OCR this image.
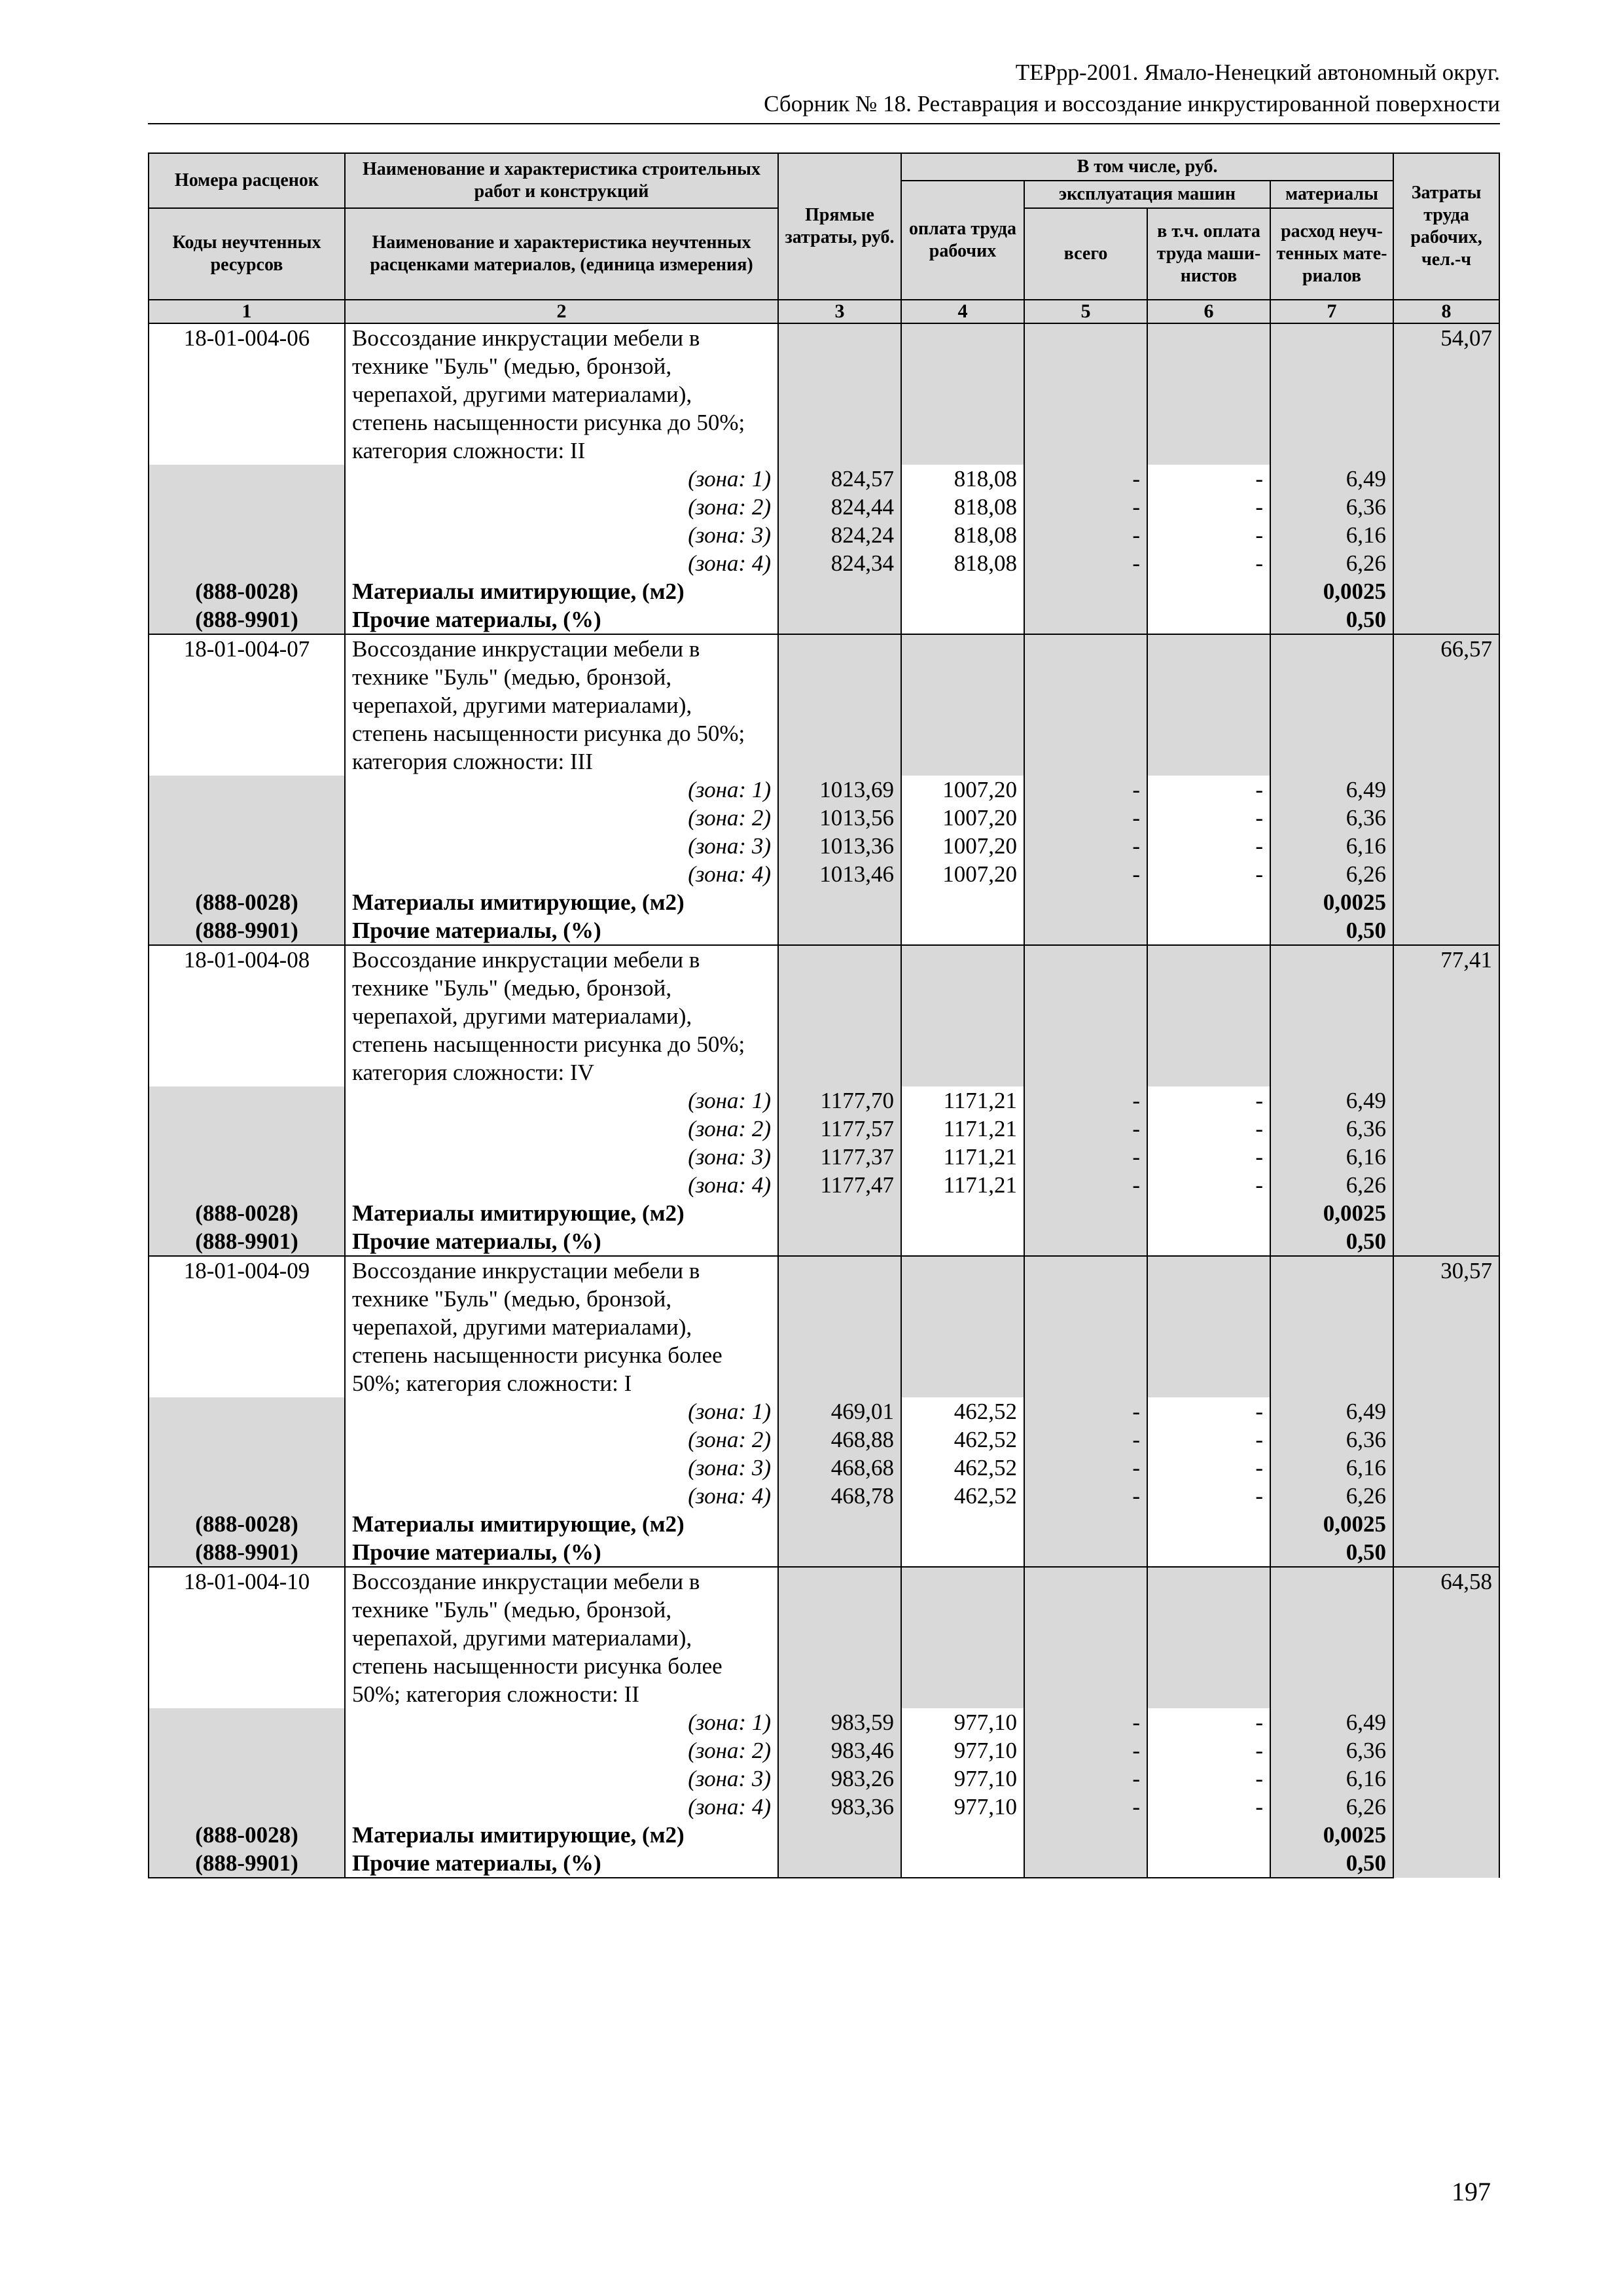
ТЕРрр-2001. Ямало-Ненецкий автономный округ.
Сборник № 18. Реставрация и воссоздание инкрустированной поверхности
Номера расценок	Наименование и характеристика строительных работ и конструкций	Прямые затраты, руб.	В том числе, руб.				Затраты труда рабочих, чел.-ч
			оплата труда рабочих	эксплуатация машин		материалы	
Коды неучтенных ресурсов	Наименование и характеристика неучтенных расценками материалов, (единица измерения)			всего	в т.ч. оплата труда маши-нистов	расход неуч-тенных мате-риалов	

1	2	3	4	5	6	7	8
18-01-004-06	Воссоздание инкрустации мебели в технике "Буль" (медью, бронзой, черепахой, другими материалами), степень насыщенности рисунка до 50%; категория сложности: II						54,07
	(зона: 1)	824,57	818,08	-	-	6,49	
	(зона: 2)	824,44	818,08	-	-	6,36	
	(зона: 3)	824,24	818,08	-	-	6,16	
	(зона: 4)	824,34	818,08	-	-	6,26	
(888-0028)	Материалы имитирующие, (м2)					0,0025	
(888-9901)	Прочие материалы, (%)					0,50	
18-01-004-07	Воссоздание инкрустации мебели в технике "Буль" (медью, бронзой, черепахой, другими материалами), степень насыщенности рисунка до 50%; категория сложности: III						66,57
	(зона: 1)	1013,69	1007,20	-	-	6,49	
	(зона: 2)	1013,56	1007,20	-	-	6,36	
	(зона: 3)	1013,36	1007,20	-	-	6,16	
	(зона: 4)	1013,46	1007,20	-	-	6,26	
(888-0028)	Материалы имитирующие, (м2)					0,0025	
(888-9901)	Прочие материалы, (%)					0,50	
18-01-004-08	Воссоздание инкрустации мебели в технике "Буль" (медью, бронзой, черепахой, другими материалами), степень насыщенности рисунка до 50%; категория сложности: IV						77,41
	(зона: 1)	1177,70	1171,21	-	-	6,49	
	(зона: 2)	1177,57	1171,21	-	-	6,36	
	(зона: 3)	1177,37	1171,21	-	-	6,16	
	(зона: 4)	1177,47	1171,21	-	-	6,26	
(888-0028)	Материалы имитирующие, (м2)					0,0025	
(888-9901)	Прочие материалы, (%)					0,50	
18-01-004-09	Воссоздание инкрустации мебели в технике "Буль" (медью, бронзой, черепахой, другими материалами), степень насыщенности рисунка более 50%; категория сложности: I						30,57
	(зона: 1)	469,01	462,52	-	-	6,49	
	(зона: 2)	468,88	462,52	-	-	6,36	
	(зона: 3)	468,68	462,52	-	-	6,16	
	(зона: 4)	468,78	462,52	-	-	6,26	
(888-0028)	Материалы имитирующие, (м2)					0,0025	
(888-9901)	Прочие материалы, (%)					0,50	
18-01-004-10	Воссоздание инкрустации мебели в технике "Буль" (медью, бронзой, черепахой, другими материалами), степень насыщенности рисунка более 50%; категория сложности: II						64,58
	(зона: 1)	983,59	977,10	-	-	6,49	
	(зона: 2)	983,46	977,10	-	-	6,36	
	(зона: 3)	983,26	977,10	-	-	6,16	
	(зона: 4)	983,36	977,10	-	-	6,26	
(888-0028)	Материалы имитирующие, (м2)					0,0025	
(888-9901)	Прочие материалы, (%)					0,50	
197
